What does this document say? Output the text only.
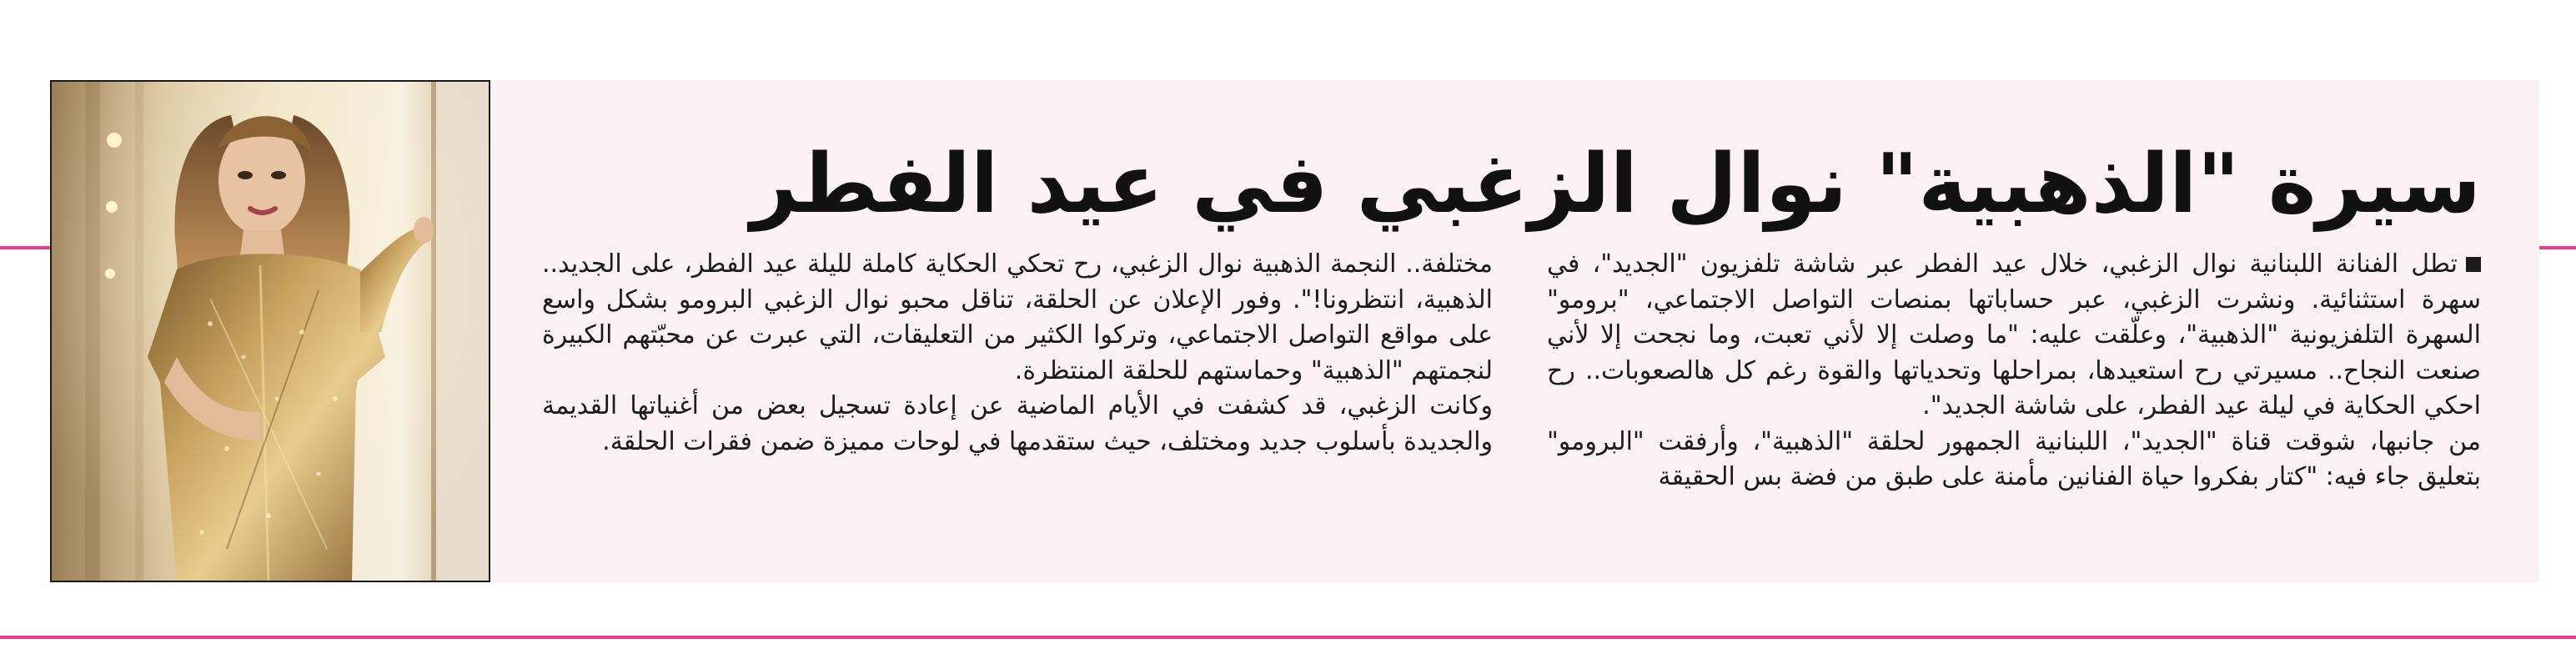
سيرة "الذهبية" نوال الزغبي في عيد الفطر

تطل الفنانة اللبنانية نوال الزغبي، خلال عيد الفطر عبر شاشة تلفزيون "الجديد"، في سهرة استثنائية. ونشرت الزغبي، عبر حساباتها بمنصات التواصل الاجتماعي، "برومو" السهرة التلفزيونية "الذهبية"، وعلّقت عليه: "ما وصلت إلا لأني تعبت، وما نجحت إلا لأني صنعت النجاح.. مسيرتي رح استعيدها، بمراحلها وتحدياتها والقوة رغم كل هالصعوبات.. رح احكي الحكاية في ليلة عيد الفطر، على شاشة الجديد".

من جانبها، شوقت قناة "الجديد"، اللبنانية الجمهور لحلقة "الذهبية"، وأرفقت "البرومو" بتعليق جاء فيه: "كتار بفكروا حياة الفنانين مأمنة على طبق من فضة بس الحقيقة

مختلفة.. النجمة الذهبية نوال الزغبي، رح تحكي الحكاية كاملة لليلة عيد الفطر، على الجديد.. الذهبية، انتظرونا!". وفور الإعلان عن الحلقة، تناقل محبو نوال الزغبي البرومو بشكل واسع على مواقع التواصل الاجتماعي، وتركوا الكثير من التعليقات، التي عبرت عن محبّتهم الكبيرة لنجمتهم "الذهبية" وحماستهم للحلقة المنتظرة.

وكانت الزغبي، قد كشفت في الأيام الماضية عن إعادة تسجيل بعض من أغنياتها القديمة والجديدة بأسلوب جديد ومختلف، حيث ستقدمها في لوحات مميزة ضمن فقرات الحلقة.
